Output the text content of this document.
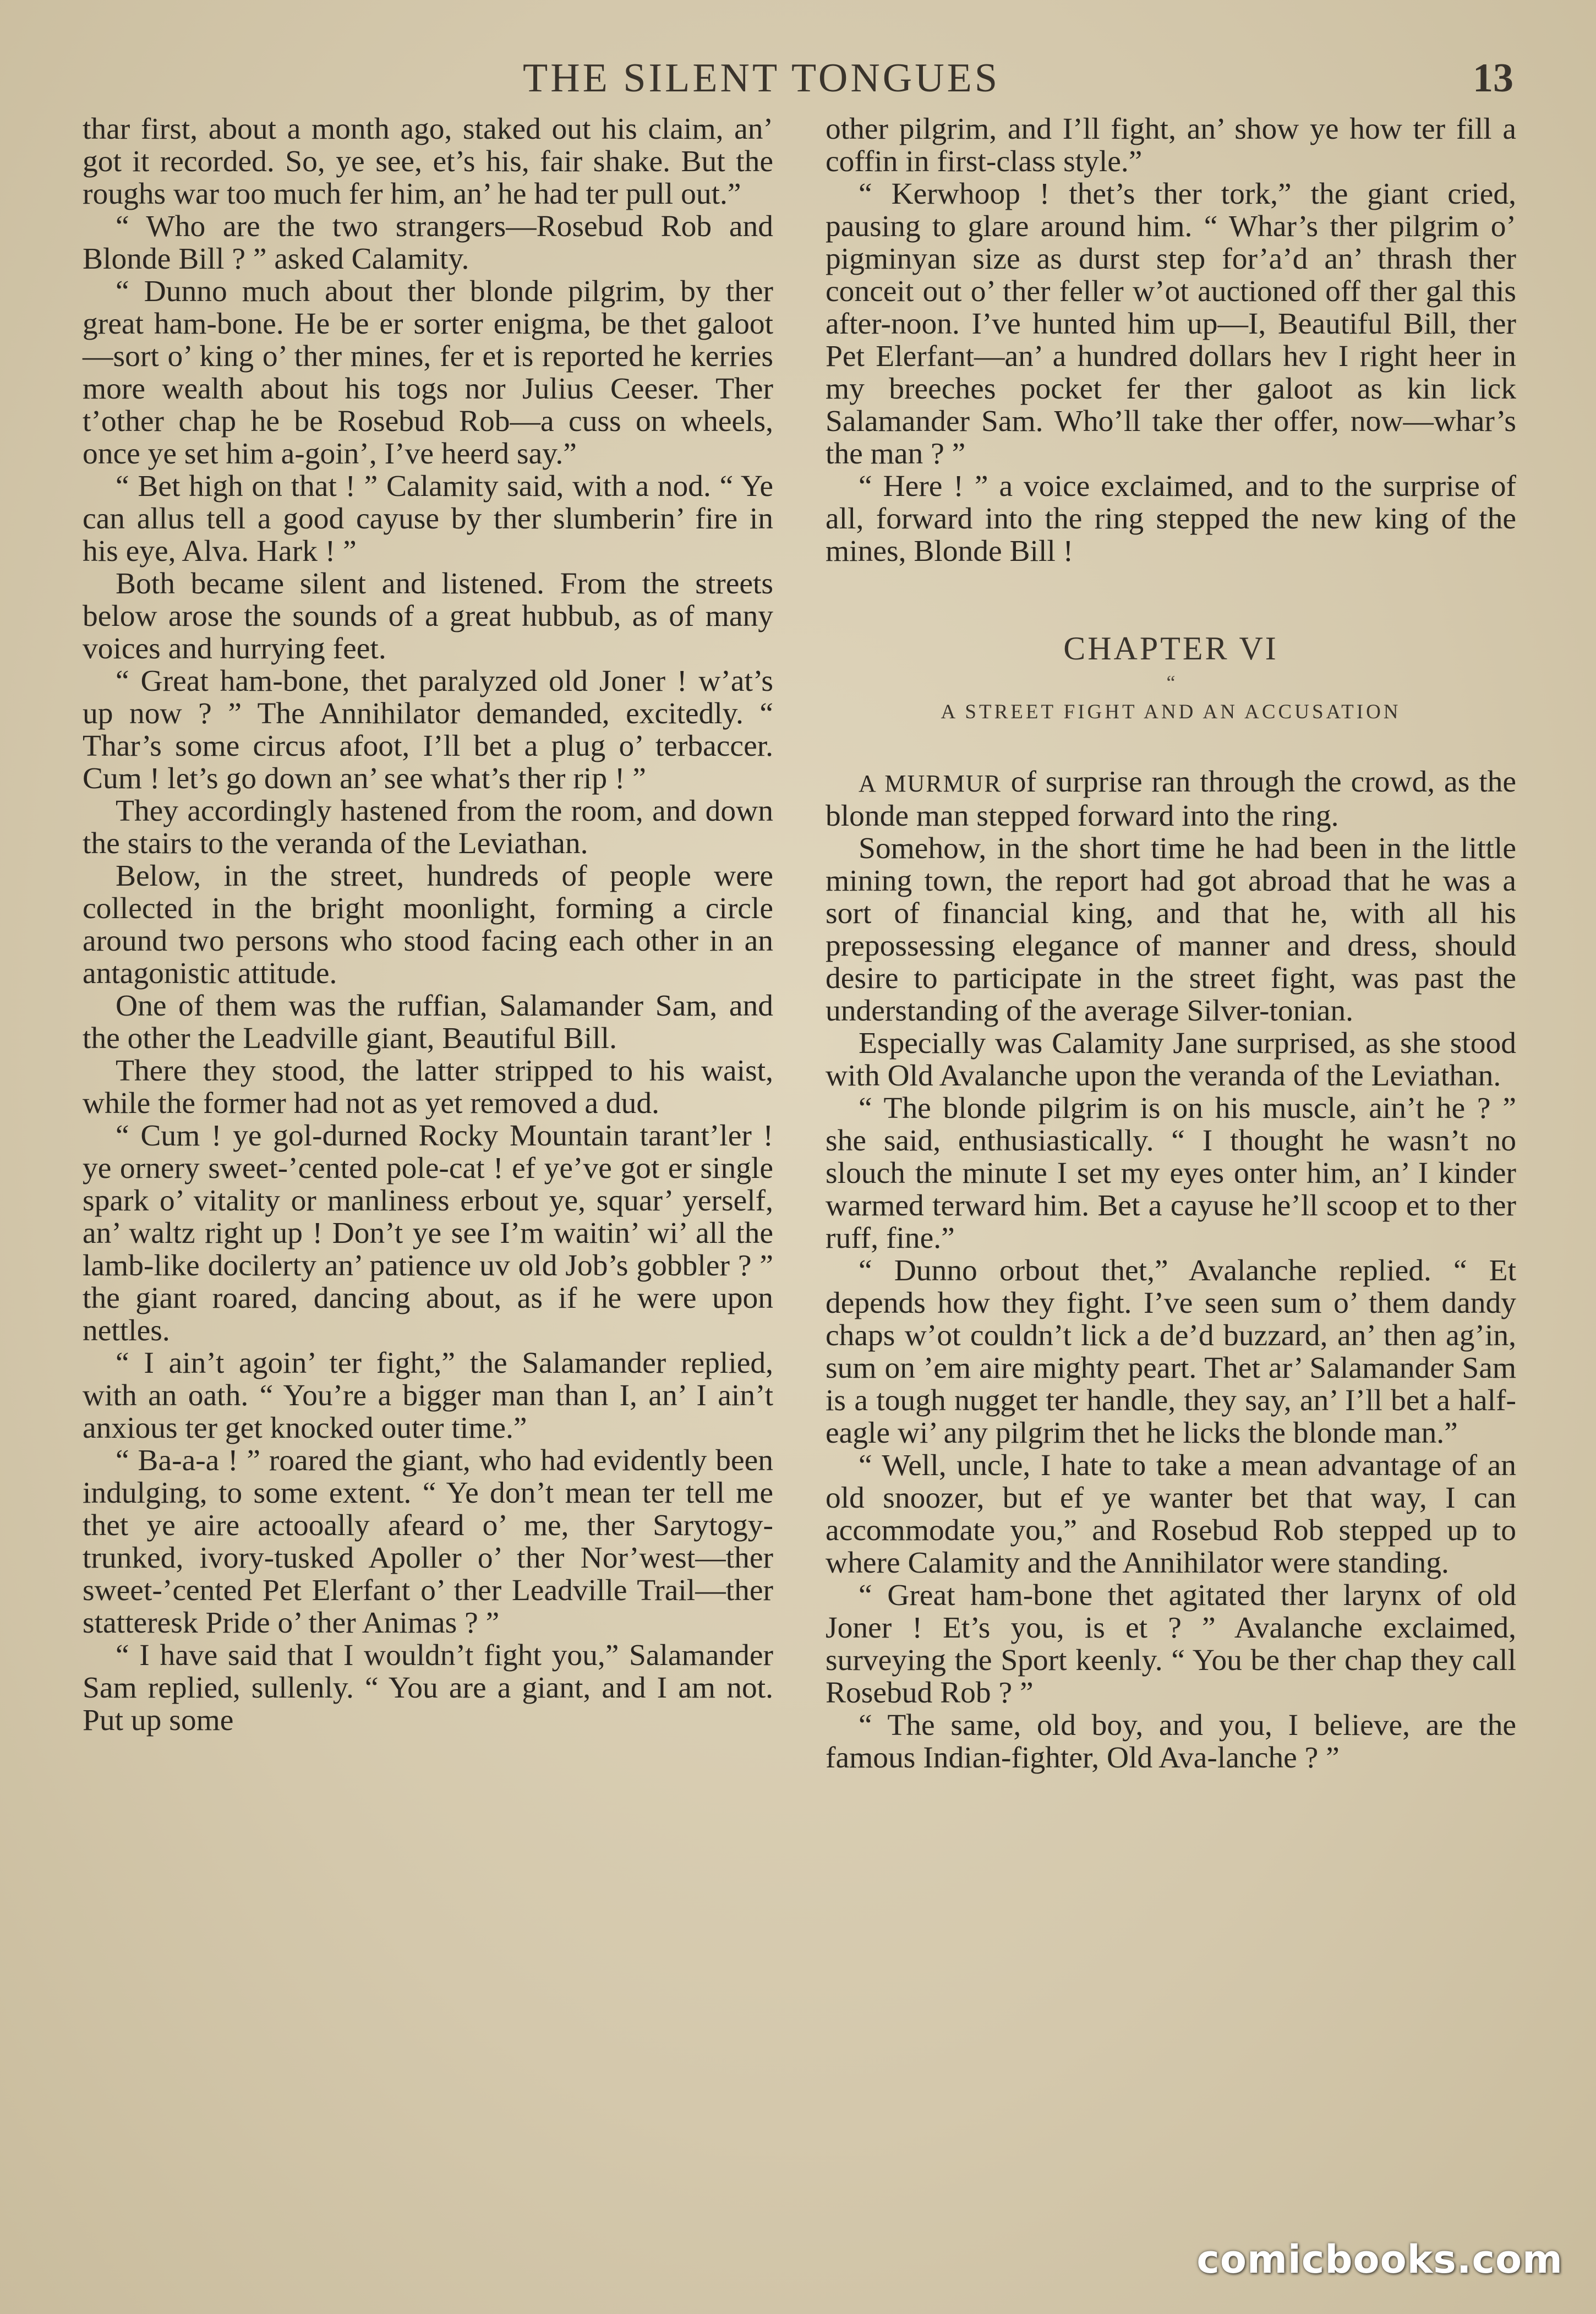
THE SILENT TONGUES	13

thar first, about a month ago, staked out his claim, an’ got it recorded. So, ye see, et’s his, fair shake. But the roughs war too much fer him, an’ he had ter pull out.”

“ Who are the two strangers—Rosebud Rob and Blonde Bill ? ” asked Calamity.

“ Dunno much about ther blonde pilgrim, by ther great ham-bone. He be er sorter enigma, be thet galoot—sort o’ king o’ ther mines, fer et is reported he kerries more wealth about his togs nor Julius Ceeser. Ther t’other chap he be Rosebud Rob—a cuss on wheels, once ye set him a-goin’, I’ve heerd say.”

“ Bet high on that ! ” Calamity said, with a nod. “ Ye can allus tell a good cayuse by ther slumberin’ fire in his eye, Alva. Hark ! ”

Both became silent and listened. From the streets below arose the sounds of a great hubbub, as of many voices and hurrying feet.

“ Great ham-bone, thet paralyzed old Joner ! w’at’s up now ? ” The Annihilator demanded, excitedly. “ Thar’s some circus afoot, I’ll bet a plug o’ terbaccer. Cum ! let’s go down an’ see what’s ther rip ! ”

They accordingly hastened from the room, and down the stairs to the veranda of the Leviathan.

Below, in the street, hundreds of people were collected in the bright moonlight, forming a circle around two persons who stood facing each other in an antagonistic attitude.

One of them was the ruffian, Salamander Sam, and the other the Leadville giant, Beautiful Bill.

There they stood, the latter stripped to his waist, while the former had not as yet removed a dud.

“ Cum ! ye gol-durned Rocky Mountain tarant’ler ! ye ornery sweet-’cented pole-cat ! ef ye’ve got er single spark o’ vitality or manliness erbout ye, squar’ yerself, an’ waltz right up ! Don’t ye see I’m waitin’ wi’ all the lamb-like docilerty an’ patience uv old Job’s gobbler ? ” the giant roared, dancing about, as if he were upon nettles.

“ I ain’t agoin’ ter fight,” the Salamander replied, with an oath. “ You’re a bigger man than I, an’ I ain’t anxious ter get knocked outer time.”

“ Ba-a-a ! ” roared the giant, who had evidently been indulging, to some extent. “ Ye don’t mean ter tell me thet ye aire actooally afeard o’ me, ther Sarytogy-trunked, ivory-tusked Apoller o’ ther Nor’west—ther sweet-’cented Pet Elerfant o’ ther Leadville Trail—ther statteresk Pride o’ ther Animas ? ”

“ I have said that I wouldn’t fight you,” Salamander Sam replied, sullenly. “ You are a giant, and I am not. Put up some

other pilgrim, and I’ll fight, an’ show ye how ter fill a coffin in first-class style.”

“ Kerwhoop ! thet’s ther tork,” the giant cried, pausing to glare around him. “ Whar’s ther pilgrim o’ pigminyan size as durst step for’a’d an’ thrash ther conceit out o’ ther feller w’ot auctioned off ther gal this after-noon. I’ve hunted him up—I, Beautiful Bill, ther Pet Elerfant—an’ a hundred dollars hev I right heer in my breeches pocket fer ther galoot as kin lick Salamander Sam. Who’ll take ther offer, now—whar’s the man ? ”

“ Here ! ” a voice exclaimed, and to the surprise of all, forward into the ring stepped the new king of the mines, Blonde Bill !

CHAPTER VI
“
A STREET FIGHT AND AN ACCUSATION

A MURMUR of surprise ran through the crowd, as the blonde man stepped forward into the ring.

Somehow, in the short time he had been in the little mining town, the report had got abroad that he was a sort of financial king, and that he, with all his prepossessing elegance of manner and dress, should desire to participate in the street fight, was past the understanding of the average Silver-tonian.

Especially was Calamity Jane surprised, as she stood with Old Avalanche upon the veranda of the Leviathan.

“ The blonde pilgrim is on his muscle, ain’t he ? ” she said, enthusiastically. “ I thought he wasn’t no slouch the minute I set my eyes onter him, an’ I kinder warmed terward him. Bet a cayuse he’ll scoop et to ther ruff, fine.”

“ Dunno orbout thet,” Avalanche replied. “ Et depends how they fight. I’ve seen sum o’ them dandy chaps w’ot couldn’t lick a de’d buzzard, an’ then ag’in, sum on ’em aire mighty peart. Thet ar’ Salamander Sam is a tough nugget ter handle, they say, an’ I’ll bet a half-eagle wi’ any pilgrim thet he licks the blonde man.”

“ Well, uncle, I hate to take a mean advantage of an old snoozer, but ef ye wanter bet that way, I can accommodate you,” and Rosebud Rob stepped up to where Calamity and the Annihilator were standing.

“ Great ham-bone thet agitated ther larynx of old Joner ! Et’s you, is et ? ” Avalanche exclaimed, surveying the Sport keenly. “ You be ther chap they call Rosebud Rob ? ”

“ The same, old boy, and you, I believe, are the famous Indian-fighter, Old Ava-lanche ? ”

comicbooks.com
